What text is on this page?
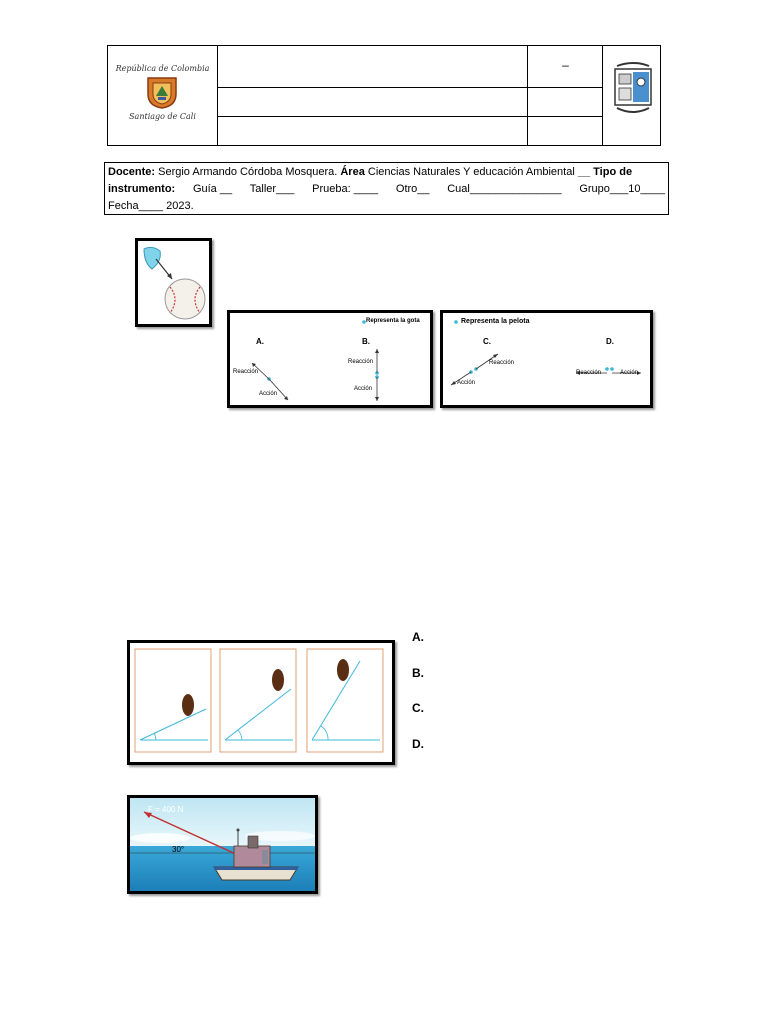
–
República de Colombia
Santiago de Cali
Docente: Sergio Armando Córdoba Mosquera. Área Ciencias Naturales Y educación Ambiental __ Tipo de
instrumento: Guía __ Taller___ Prueba: ____ Otro__ Cual_______________ Grupo___10____
Fecha____ 2023.
Representa la gota
A.
Reacción
Acción
B.
Reacción
Acción
Representa la pelota
C.
Reacción
Acción
D.
Reacción	Acción
A.
B.
C.
D.
F = 400 N
30°
